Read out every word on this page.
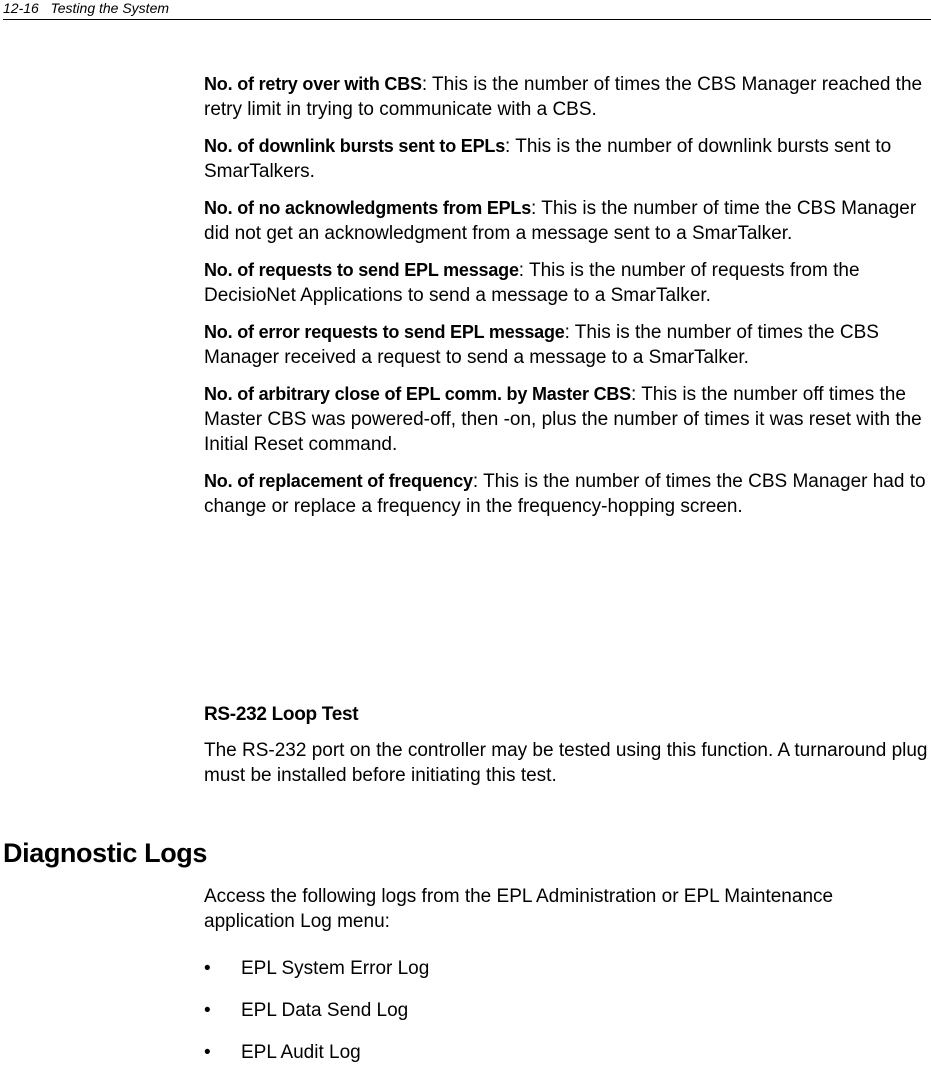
12-16   Testing the System

No. of retry over with CBS: This is the number of times the CBS Manager reached the retry limit in trying to communicate with a CBS.

No. of downlink bursts sent to EPLs: This is the number of downlink bursts sent to SmarTalkers.

No. of no acknowledgments from EPLs: This is the number of time the CBS Manager did not get an acknowledgment from a message sent to a SmarTalker.

No. of requests to send EPL message: This is the number of requests from the DecisioNet Applications to send a message to a SmarTalker.

No. of error requests to send EPL message: This is the number of times the CBS Manager received a request to send a message to a SmarTalker.

No. of arbitrary close of EPL comm. by Master CBS: This is the number off times the Master CBS was powered-off, then -on, plus the number of times it was reset with the Initial Reset command.

No. of replacement of frequency: This is the number of times the CBS Manager had to change or replace a frequency in the frequency-hopping screen.

RS-232 Loop Test
The RS-232 port on the controller may be tested using this function. A turnaround plug must be installed before initiating this test.
Diagnostic Logs
Access the following logs from the EPL Administration or EPL Maintenance application Log menu:
•	EPL System Error Log
•	EPL Data Send Log
•	EPL Audit Log
